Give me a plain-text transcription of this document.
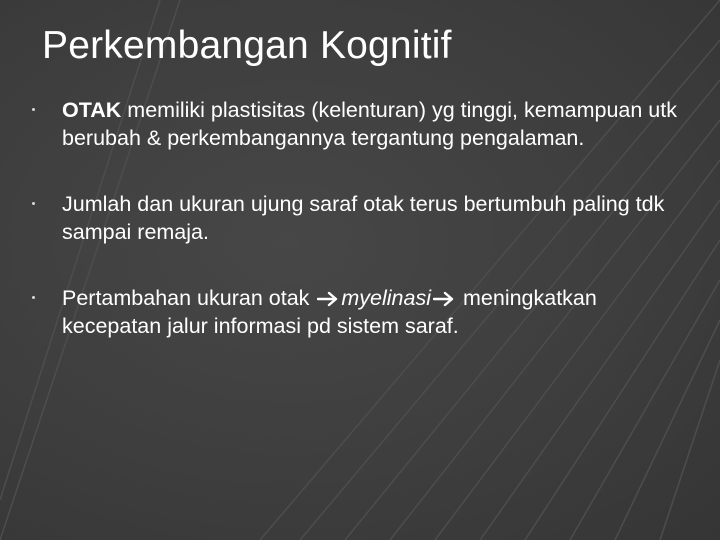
Perkembangan Kognitif
OTAK memiliki plastisitas (kelenturan) yg tinggi, kemampuan utk berubah & perkembangannya tergantung pengalaman.
Jumlah dan ukuran ujung saraf otak terus bertumbuh paling tdk sampai remaja.
Pertambahan ukuran otak myelinasi meningkatkan kecepatan jalur informasi pd sistem saraf.
